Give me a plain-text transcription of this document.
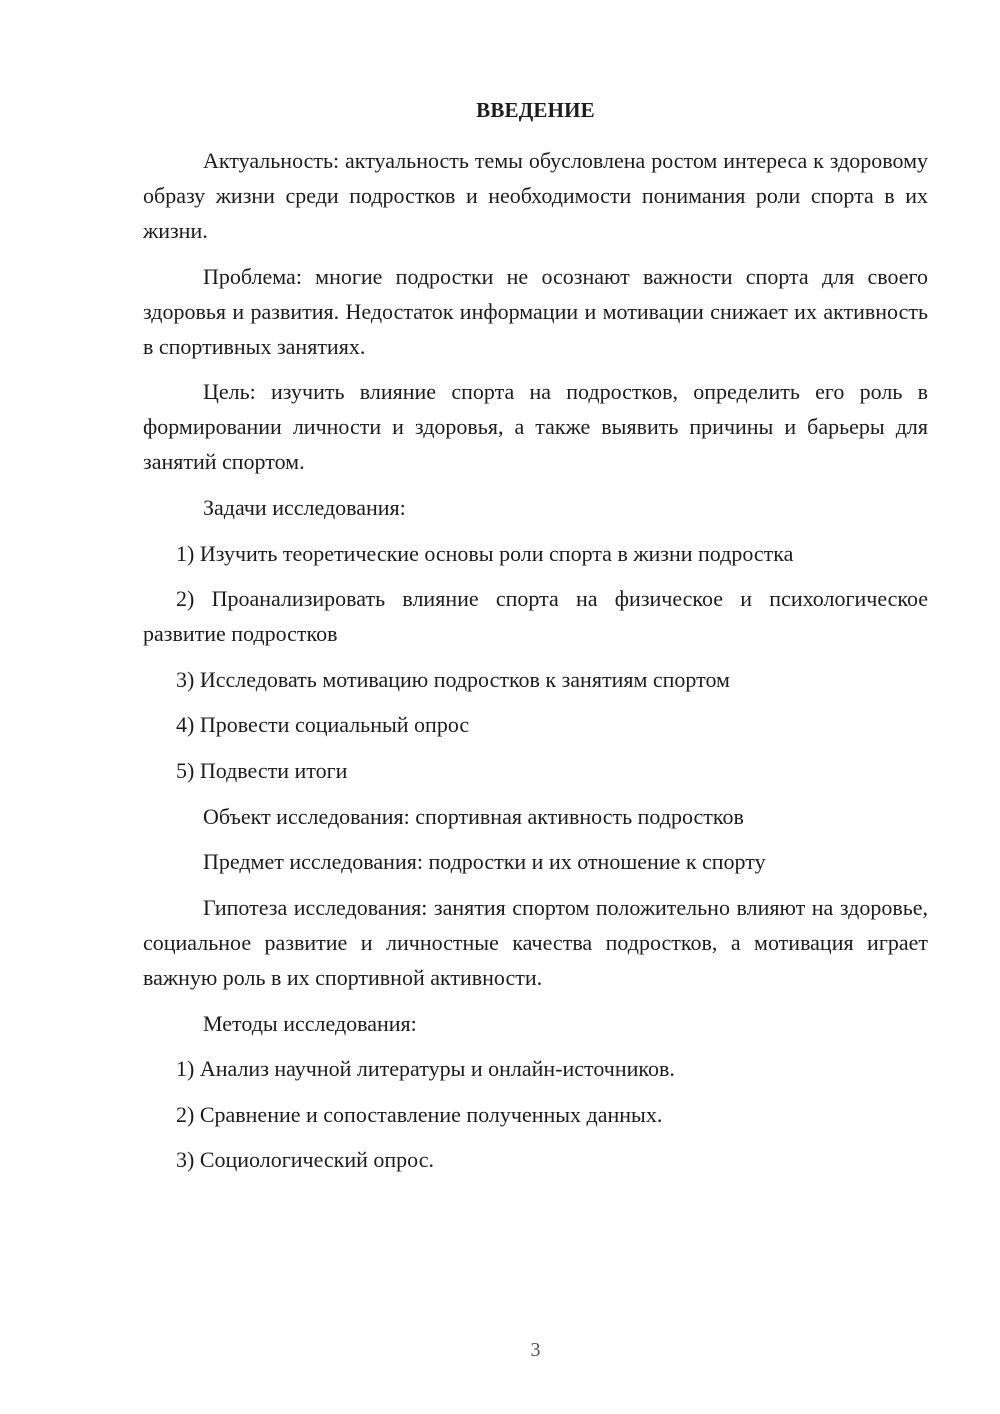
ВВЕДЕНИЕ

Актуальность: актуальность темы обусловлена ростом интереса к здоровому образу жизни среди подростков и необходимости понимания роли спорта в их жизни.

Проблема: многие подростки не осознают важности спорта для своего здоровья и развития. Недостаток информации и мотивации снижает их активность в спортивных занятиях.

Цель: изучить влияние спорта на подростков, определить его роль в формировании личности и здоровья, а также выявить причины и барьеры для занятий спортом.

Задачи исследования:

1) Изучить теоретические основы роли спорта в жизни подростка

2) Проанализировать влияние спорта на физическое и психологическое развитие подростков

3) Исследовать мотивацию подростков к занятиям спортом

4) Провести социальный опрос

5) Подвести итоги

Объект исследования: спортивная активность подростков

Предмет исследования: подростки и их отношение к спорту

Гипотеза исследования: занятия спортом положительно влияют на здоровье, социальное развитие и личностные качества подростков, а мотивация играет важную роль в их спортивной активности.

Методы исследования:

1) Анализ научной литературы и онлайн-источников.

2) Сравнение и сопоставление полученных данных.

3) Социологический опрос.

3
